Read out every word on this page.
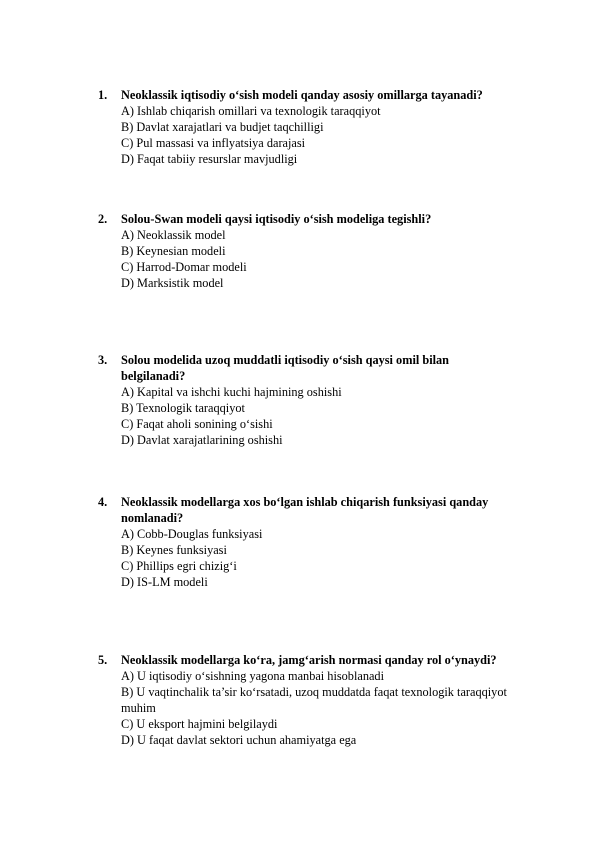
1.	Neoklassik iqtisodiy o‘sish modeli qanday asosiy omillarga tayanadi?
A) Ishlab chiqarish omillari va texnologik taraqqiyot
B) Davlat xarajatlari va budjet taqchilligi
C) Pul massasi va inflyatsiya darajasi
D) Faqat tabiiy resurslar mavjudligi
2.	Solou-Swan modeli qaysi iqtisodiy o‘sish modeliga tegishli?
A) Neoklassik model
B) Keynesian modeli
C) Harrod-Domar modeli
D) Marksistik model
3.	Solou modelida uzoq muddatli iqtisodiy o‘sish qaysi omil bilan belgilanadi?
A) Kapital va ishchi kuchi hajmining oshishi
B) Texnologik taraqqiyot
C) Faqat aholi sonining o‘sishi
D) Davlat xarajatlarining oshishi
4.	Neoklassik modellarga xos bo‘lgan ishlab chiqarish funksiyasi qanday nomlanadi?
A) Cobb-Douglas funksiyasi
B) Keynes funksiyasi
C) Phillips egri chizig‘i
D) IS-LM modeli
5.	Neoklassik modellarga ko‘ra, jamg‘arish normasi qanday rol o‘ynaydi?
A) U iqtisodiy o‘sishning yagona manbai hisoblanadi
B) U vaqtinchalik ta’sir ko‘rsatadi, uzoq muddatda faqat texnologik taraqqiyot muhim
C) U eksport hajmini belgilaydi
D) U faqat davlat sektori uchun ahamiyatga ega
